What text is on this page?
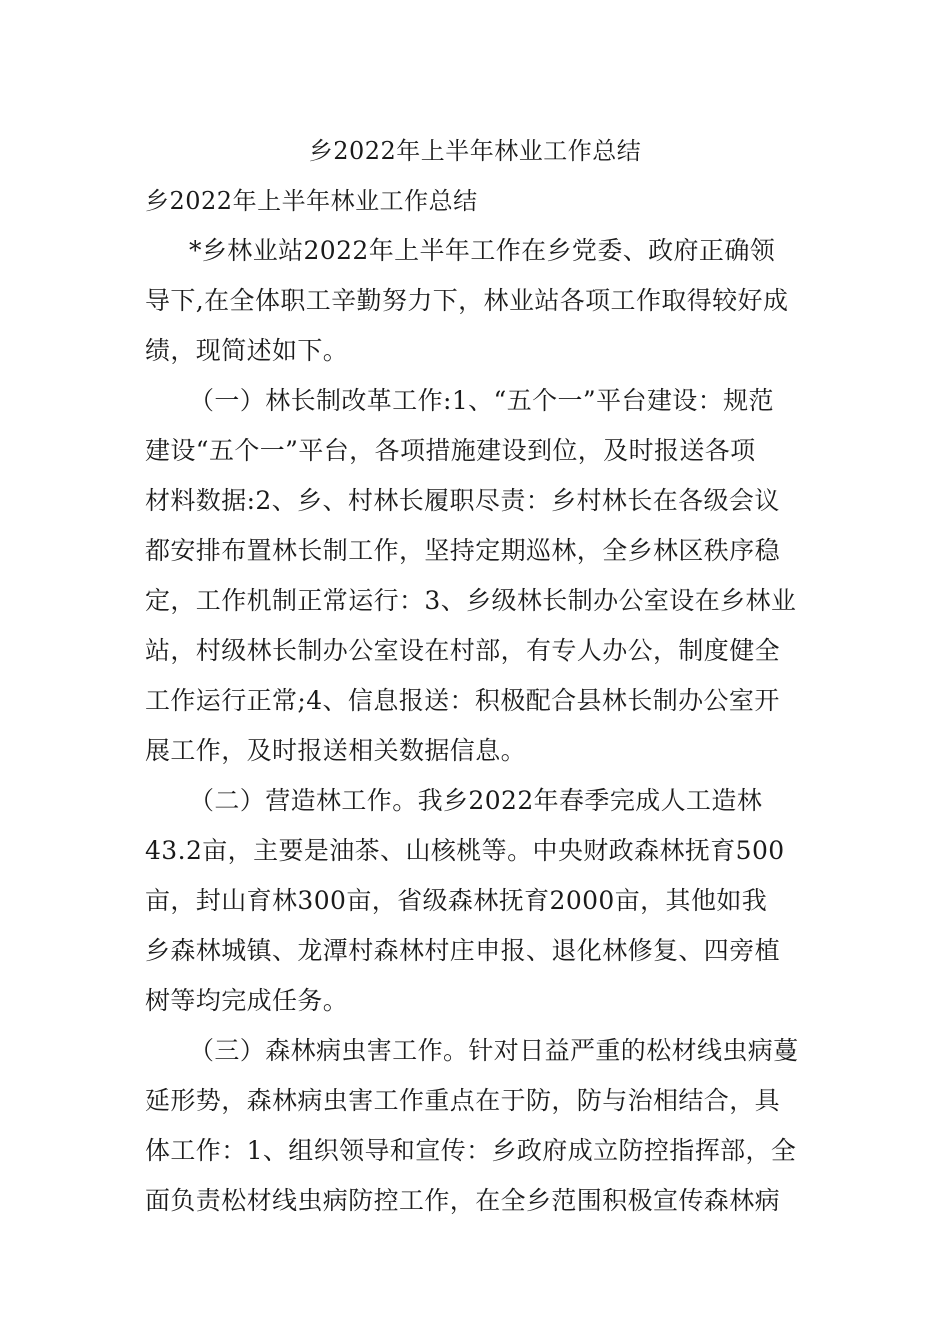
乡2022年上半年林业工作总结
乡2022年上半年林业工作总结
*乡林业站2022年上半年工作在乡党委、政府正确领
导下,在全体职工辛勤努力下，林业站各项工作取得较好成
绩，现简述如下。
（一）林长制改革工作:1、“五个一”平台建设：规范
建设“五个一”平台，各项措施建设到位，及时报送各项
材料数据:2、乡、村林长履职尽责：乡村林长在各级会议
都安排布置林长制工作，坚持定期巡林，全乡林区秩序稳
定，工作机制正常运行：3、乡级林长制办公室设在乡林业
站，村级林长制办公室设在村部，有专人办公，制度健全
工作运行正常;4、信息报送：积极配合县林长制办公室开
展工作，及时报送相关数据信息。
（二）营造林工作。我乡2022年春季完成人工造林
43.2亩，主要是油茶、山核桃等。中央财政森林抚育500
亩，封山育林300亩，省级森林抚育2000亩，其他如我
乡森林城镇、龙潭村森林村庄申报、退化林修复、四旁植
树等均完成任务。
（三）森林病虫害工作。针对日益严重的松材线虫病蔓
延形势，森林病虫害工作重点在于防，防与治相结合，具
体工作：1、组织领导和宣传：乡政府成立防控指挥部，全
面负责松材线虫病防控工作，在全乡范围积极宣传森林病
